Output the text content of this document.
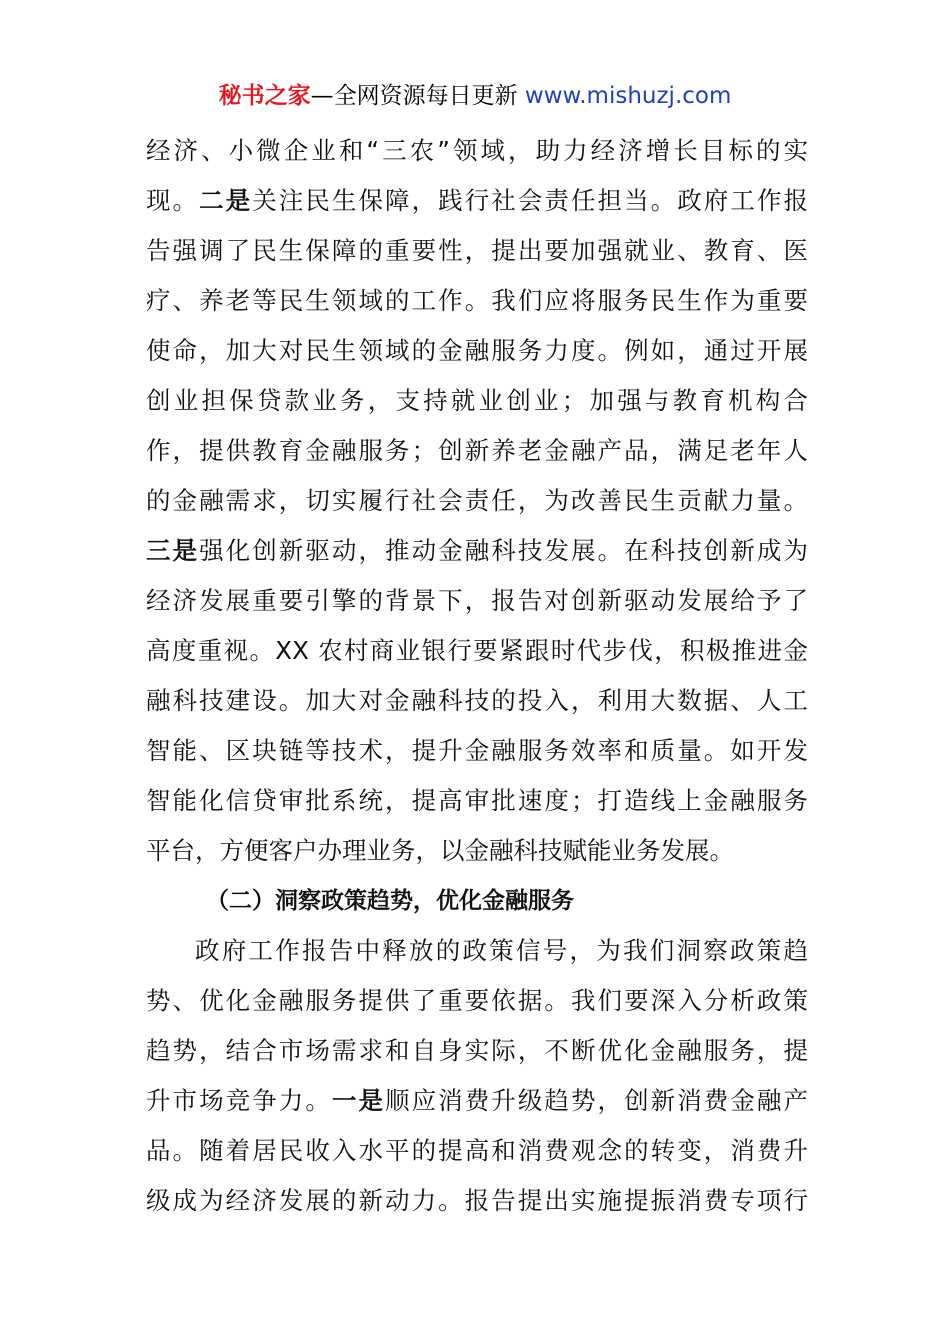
秘书之家—全网资源每日更新 www.mishuzj.com
经济、小微企业和“三农”领域，助力经济增长目标的实
现。二是关注民生保障，践行社会责任担当。政府工作报
告强调了民生保障的重要性，提出要加强就业、教育、医
疗、养老等民生领域的工作。我们应将服务民生作为重要
使命，加大对民生领域的金融服务力度。例如，通过开展
创业担保贷款业务，支持就业创业；加强与教育机构合
作，提供教育金融服务；创新养老金融产品，满足老年人
的金融需求，切实履行社会责任，为改善民生贡献力量。
三是强化创新驱动，推动金融科技发展。在科技创新成为
经济发展重要引擎的背景下，报告对创新驱动发展给予了
高度重视。XX 农村商业银行要紧跟时代步伐，积极推进金
融科技建设。加大对金融科技的投入，利用大数据、人工
智能、区块链等技术，提升金融服务效率和质量。如开发
智能化信贷审批系统，提高审批速度；打造线上金融服务
平台，方便客户办理业务，以金融科技赋能业务发展。
（二）洞察政策趋势，优化金融服务
政府工作报告中释放的政策信号，为我们洞察政策趋
势、优化金融服务提供了重要依据。我们要深入分析政策
趋势，结合市场需求和自身实际，不断优化金融服务，提
升市场竞争力。一是顺应消费升级趋势，创新消费金融产
品。随着居民收入水平的提高和消费观念的转变，消费升
级成为经济发展的新动力。报告提出实施提振消费专项行
